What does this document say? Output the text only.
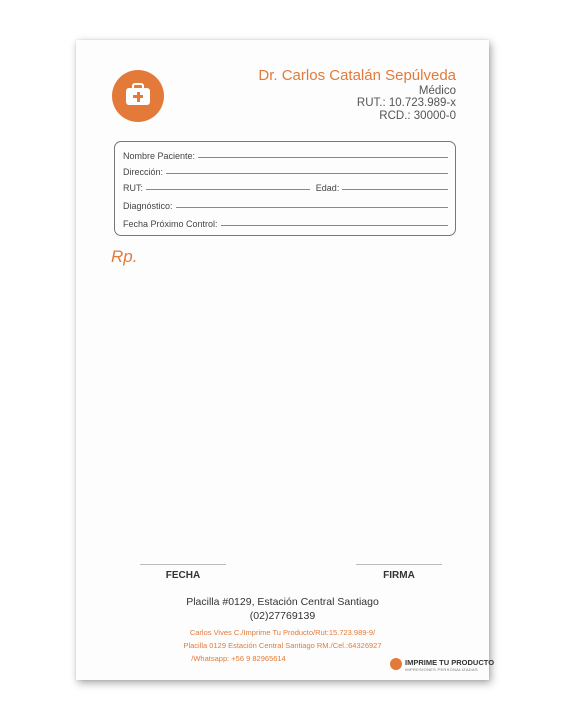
Dr. Carlos Catalán Sepúlveda
Médico
RUT.: 10.723.989-x
RCD.: 30000-0
Nombre Paciente:
Dirección:
RUT:	Edad:
Diagnóstico:
Fecha Próximo Control:
Rp.
FECHA	FIRMA
Placilla #0129, Estación Central Santiago
(02)27769139
Carlos Vives C./Imprime Tu Producto/Rut:15.723.989-9/
Placilla 0129 Estación Central Santiago RM./Cel.:64326927
/Whatsapp: +56 9 82965614	IMPRIME TU PRODUCTO
IMPRESIONES PERSONALIZADAS
